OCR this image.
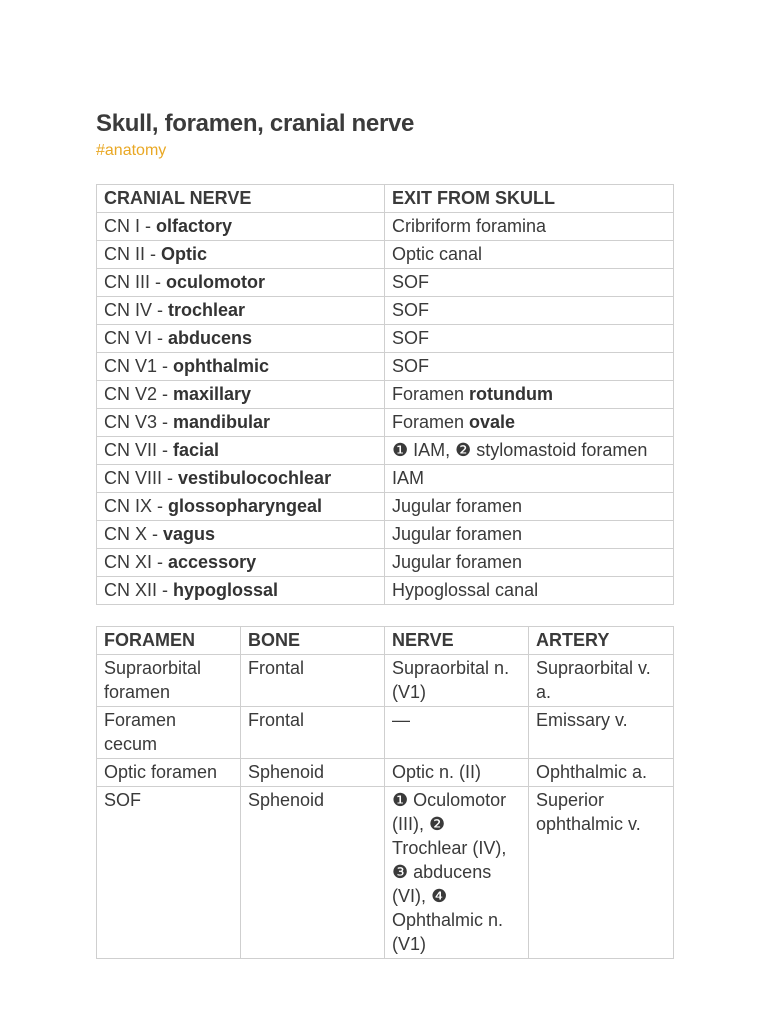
Skull, foramen, cranial nerve
#anatomy
CRANIAL NERVE	EXIT FROM SKULL
CN I - olfactory	Cribriform foramina
CN II - Optic	Optic canal
CN III - oculomotor	SOF
CN IV - trochlear	SOF
CN VI - abducens	SOF
CN V1 - ophthalmic	SOF
CN V2 - maxillary	Foramen rotundum
CN V3 - mandibular	Foramen ovale
CN VII - facial	❶ IAM, ❷ stylomastoid foramen
CN VIII - vestibulocochlear	IAM
CN IX - glossopharyngeal	Jugular foramen
CN X - vagus	Jugular foramen
CN XI - accessory	Jugular foramen
CN XII - hypoglossal	Hypoglossal canal
FORAMEN	BONE	NERVE	ARTERY
Supraorbital foramen	Frontal	Supraorbital n. (V1)	Supraorbital v. a.
Foramen cecum	Frontal	—	Emissary v.
Optic foramen	Sphenoid	Optic n. (II)	Ophthalmic a.
SOF	Sphenoid	❶ Oculomotor (III), ❷ Trochlear (IV), ❸ abducens (VI), ❹ Ophthalmic n. (V1)	Superior ophthalmic v.
